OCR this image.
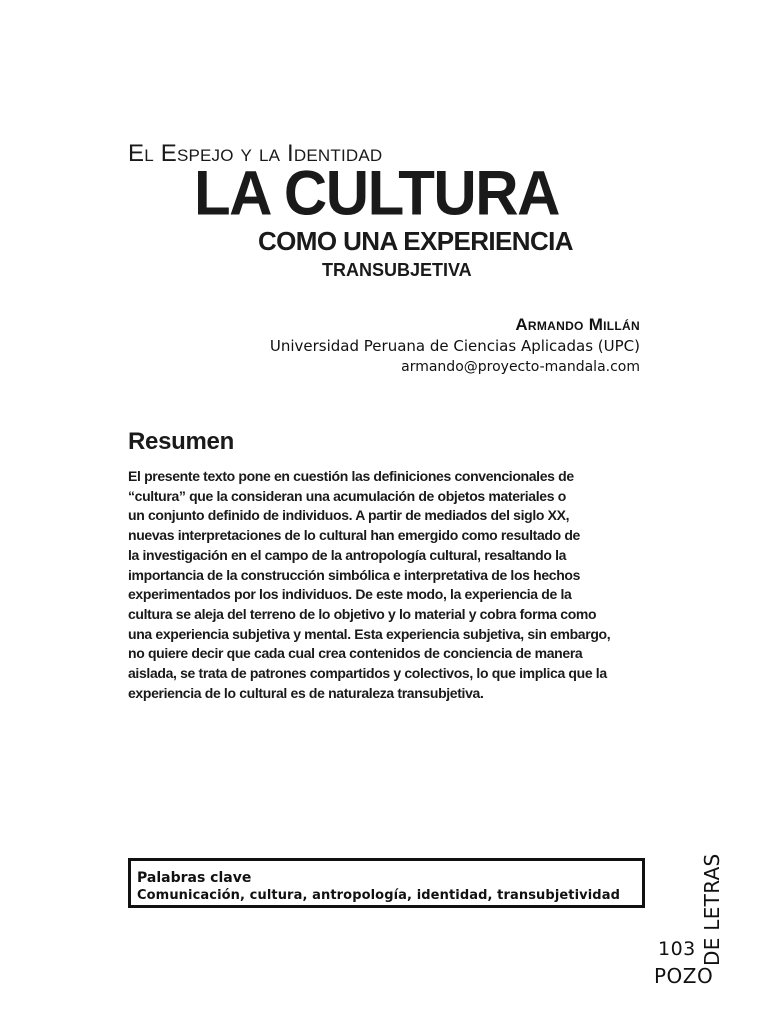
El Espejo y la Identidad
LA CULTURA
COMO UNA EXPERIENCIA
TRANSUBJETIVA
Armando Millán
Universidad Peruana de Ciencias Aplicadas (UPC)
armando@proyecto-mandala.com
Resumen
El presente texto pone en cuestión las definiciones convencionales de
“cultura” que la consideran una acumulación de objetos materiales o
un conjunto definido de individuos. A partir de mediados del siglo XX,
nuevas interpretaciones de lo cultural han emergido como resultado de
la investigación en el campo de la antropología cultural, resaltando la
importancia de la construcción simbólica e interpretativa de los hechos
experimentados por los individuos. De este modo, la experiencia de la
cultura se aleja del terreno de lo objetivo y lo material y cobra forma como
una experiencia subjetiva y mental. Esta experiencia subjetiva, sin embargo,
no quiere decir que cada cual crea contenidos de conciencia de manera
aislada, se trata de patrones compartidos y colectivos, lo que implica que la
experiencia de lo cultural es de naturaleza transubjetiva.
Palabras clave
Comunicación, cultura, antropología, identidad, transubjetividad
103
POZO
DE LETRAS
